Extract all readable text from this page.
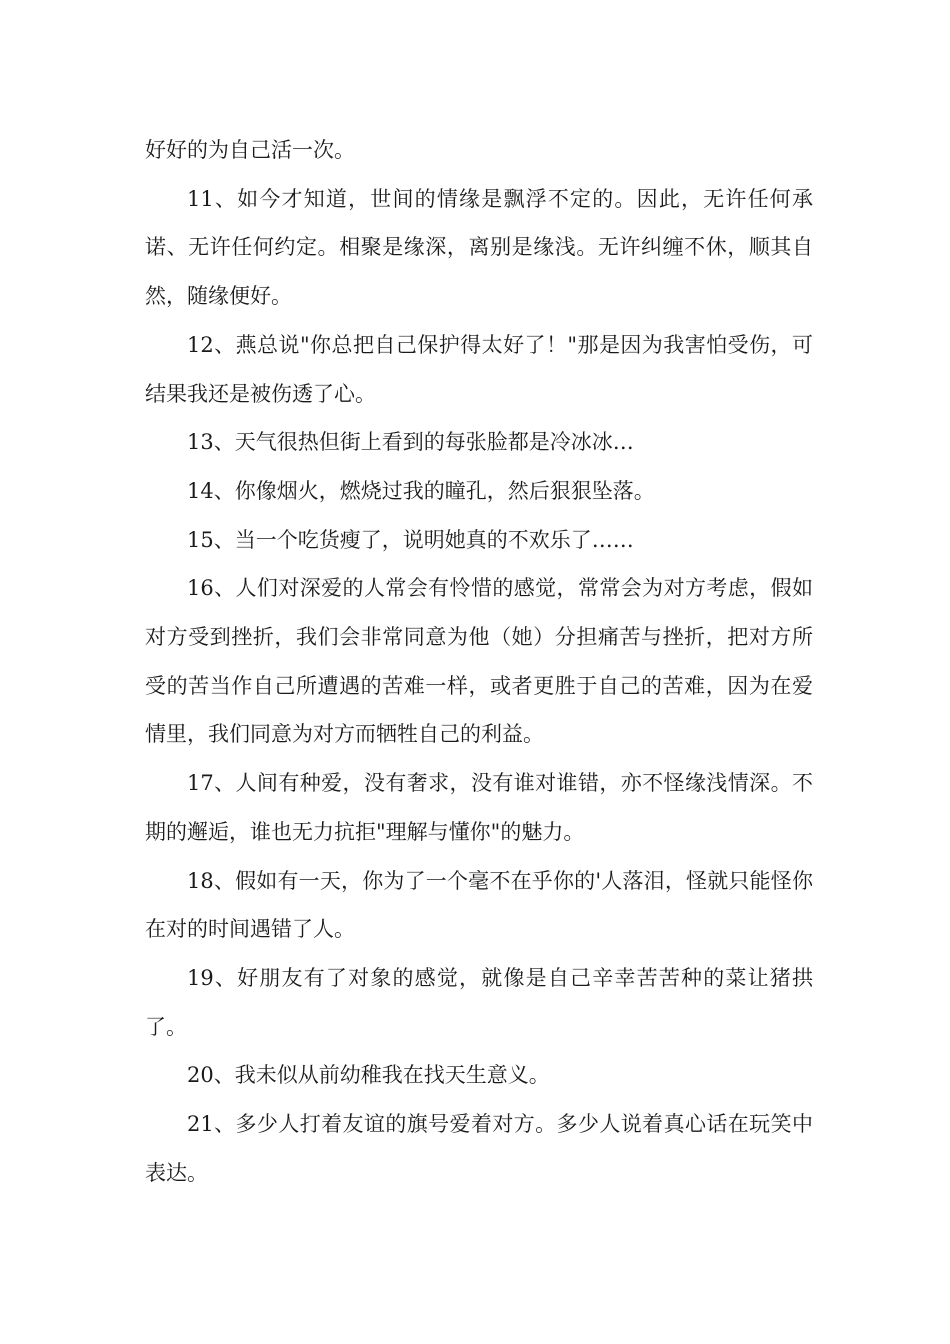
好好的为自己活一次。

11、如今才知道，世间的情缘是飘浮不定的。因此，无许任何承诺、无许任何约定。相聚是缘深，离别是缘浅。无许纠缠不休，顺其自然，随缘便好。

12、燕总说"你总把自己保护得太好了！"那是因为我害怕受伤，可结果我还是被伤透了心。

13、天气很热但街上看到的每张脸都是冷冰冰…

14、你像烟火，燃烧过我的瞳孔，然后狠狠坠落。

15、当一个吃货瘦了，说明她真的不欢乐了……

16、人们对深爱的人常会有怜惜的感觉，常常会为对方考虑，假如对方受到挫折，我们会非常同意为他（她）分担痛苦与挫折，把对方所受的苦当作自己所遭遇的苦难一样，或者更胜于自己的苦难，因为在爱情里，我们同意为对方而牺牲自己的利益。

17、人间有种爱，没有奢求，没有谁对谁错，亦不怪缘浅情深。不期的邂逅，谁也无力抗拒"理解与懂你"的魅力。

18、假如有一天，你为了一个毫不在乎你的'人落泪，怪就只能怪你在对的时间遇错了人。

19、好朋友有了对象的感觉，就像是自己辛幸苦苦种的菜让猪拱了。

20、我未似从前幼稚我在找天生意义。

21、多少人打着友谊的旗号爱着对方。多少人说着真心话在玩笑中表达。
